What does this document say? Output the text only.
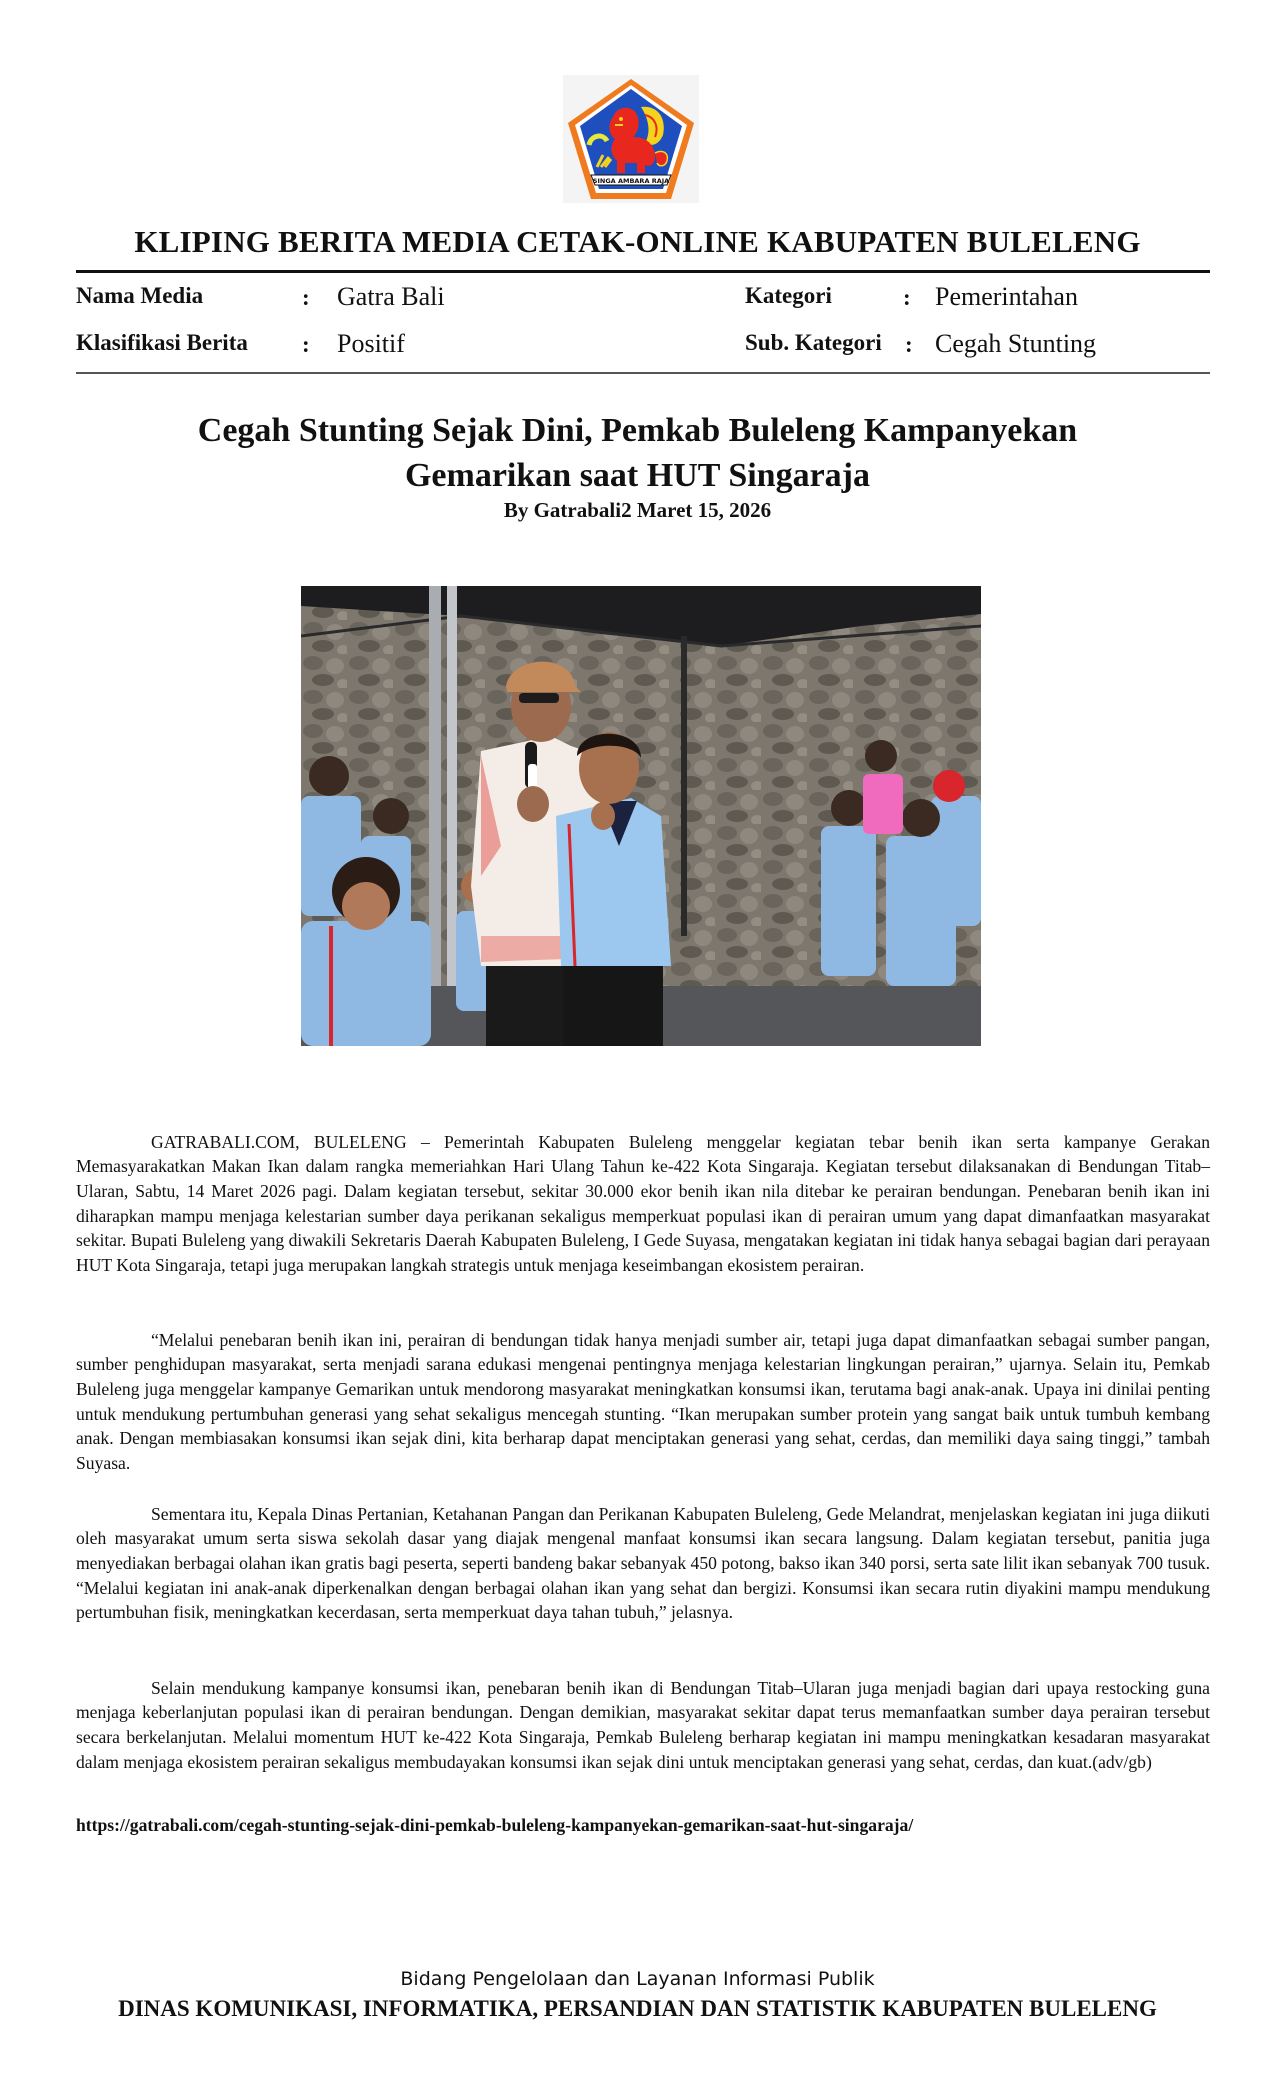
SINGA AMBARA RAJA
KLIPING BERITA MEDIA CETAK-ONLINE KABUPATEN BULELENG
Nama Media	: Gatra Bali
Klasifikasi Berita : Positif
Kategori	: Pemerintahan
Sub. Kategori : Cegah Stunting
Cegah Stunting Sejak Dini, Pemkab Buleleng Kampanyekan
Gemarikan saat HUT Singaraja
By Gatrabali2 Maret 15, 2026

GATRABALI.COM, BULELENG – Pemerintah Kabupaten Buleleng menggelar kegiatan tebar benih ikan serta kampanye Gerakan Memasyarakatkan Makan Ikan dalam rangka memeriahkan Hari Ulang Tahun ke-422 Kota Singaraja. Kegiatan tersebut dilaksanakan di Bendungan Titab–Ularan, Sabtu, 14 Maret 2026 pagi. Dalam kegiatan tersebut, sekitar 30.000 ekor benih ikan nila ditebar ke perairan bendungan. Penebaran benih ikan ini diharapkan mampu menjaga kelestarian sumber daya perikanan sekaligus memperkuat populasi ikan di perairan umum yang dapat dimanfaatkan masyarakat sekitar. Bupati Buleleng yang diwakili Sekretaris Daerah Kabupaten Buleleng, I Gede Suyasa, mengatakan kegiatan ini tidak hanya sebagai bagian dari perayaan HUT Kota Singaraja, tetapi juga merupakan langkah strategis untuk menjaga keseimbangan ekosistem perairan.

“Melalui penebaran benih ikan ini, perairan di bendungan tidak hanya menjadi sumber air, tetapi juga dapat dimanfaatkan sebagai sumber pangan, sumber penghidupan masyarakat, serta menjadi sarana edukasi mengenai pentingnya menjaga kelestarian lingkungan perairan,” ujarnya. Selain itu, Pemkab Buleleng juga menggelar kampanye Gemarikan untuk mendorong masyarakat meningkatkan konsumsi ikan, terutama bagi anak-anak. Upaya ini dinilai penting untuk mendukung pertumbuhan generasi yang sehat sekaligus mencegah stunting. “Ikan merupakan sumber protein yang sangat baik untuk tumbuh kembang anak. Dengan membiasakan konsumsi ikan sejak dini, kita berharap dapat menciptakan generasi yang sehat, cerdas, dan memiliki daya saing tinggi,” tambah Suyasa.

Sementara itu, Kepala Dinas Pertanian, Ketahanan Pangan dan Perikanan Kabupaten Buleleng, Gede Melandrat, menjelaskan kegiatan ini juga diikuti oleh masyarakat umum serta siswa sekolah dasar yang diajak mengenal manfaat konsumsi ikan secara langsung. Dalam kegiatan tersebut, panitia juga menyediakan berbagai olahan ikan gratis bagi peserta, seperti bandeng bakar sebanyak 450 potong, bakso ikan 340 porsi, serta sate lilit ikan sebanyak 700 tusuk. “Melalui kegiatan ini anak-anak diperkenalkan dengan berbagai olahan ikan yang sehat dan bergizi. Konsumsi ikan secara rutin diyakini mampu mendukung pertumbuhan fisik, meningkatkan kecerdasan, serta memperkuat daya tahan tubuh,” jelasnya.

Selain mendukung kampanye konsumsi ikan, penebaran benih ikan di Bendungan Titab–Ularan juga menjadi bagian dari upaya restocking guna menjaga keberlanjutan populasi ikan di perairan bendungan. Dengan demikian, masyarakat sekitar dapat terus memanfaatkan sumber daya perairan tersebut secara berkelanjutan. Melalui momentum HUT ke-422 Kota Singaraja, Pemkab Buleleng berharap kegiatan ini mampu meningkatkan kesadaran masyarakat dalam menjaga ekosistem perairan sekaligus membudayakan konsumsi ikan sejak dini untuk menciptakan generasi yang sehat, cerdas, dan kuat.(adv/gb)

https://gatrabali.com/cegah-stunting-sejak-dini-pemkab-buleleng-kampanyekan-gemarikan-saat-hut-singaraja/
Bidang Pengelolaan dan Layanan Informasi Publik
DINAS KOMUNIKASI, INFORMATIKA, PERSANDIAN DAN STATISTIK KABUPATEN BULELENG
